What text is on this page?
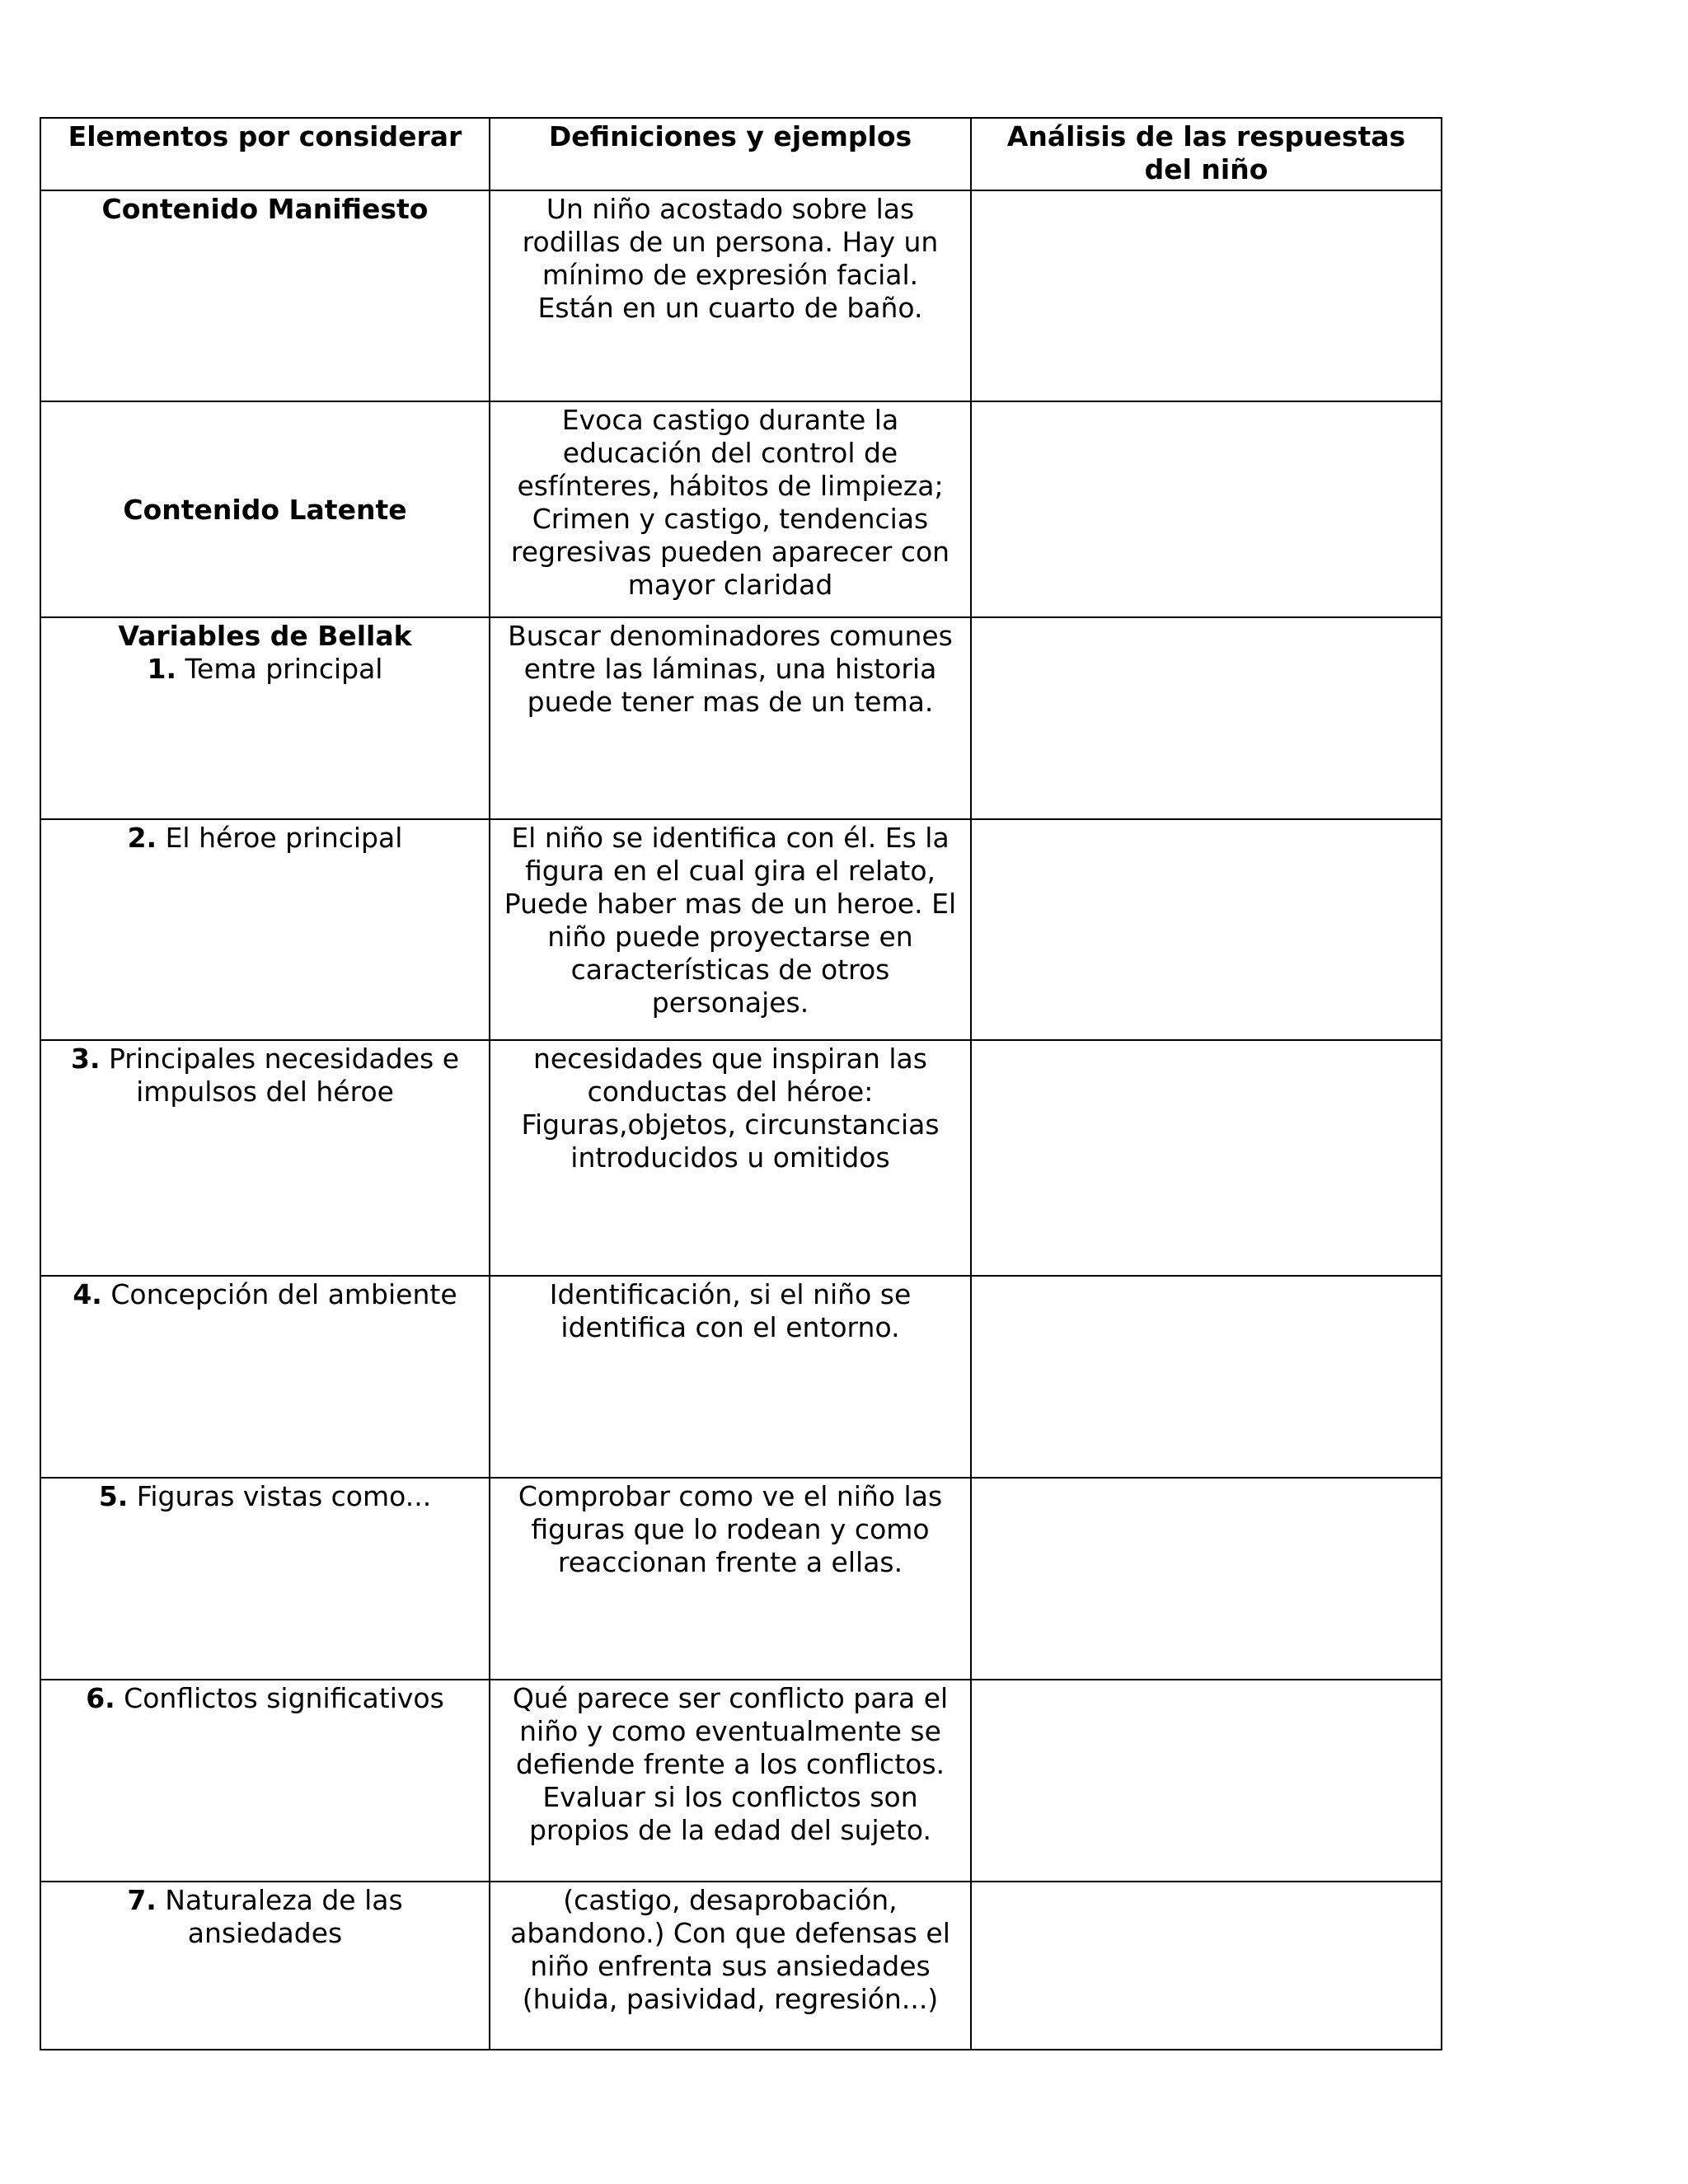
Elementos por considerar	Definiciones y ejemplos	Análisis de las respuestas del niño
Contenido Manifiesto	Un niño acostado sobre las rodillas de un persona. Hay un mínimo de expresión facial. Están en un cuarto de baño.	
Contenido Latente	Evoca castigo durante la educación del control de esfínteres, hábitos de limpieza; Crimen y castigo, tendencias regresivas pueden aparecer con mayor claridad	
Variables de Bellak
1. Tema principal	Buscar denominadores comunes entre las láminas, una historia puede tener mas de un tema.	
2. El héroe principal	El niño se identifica con él. Es la figura en el cual gira el relato, Puede haber mas de un heroe. El niño puede proyectarse en características de otros personajes.	
3. Principales necesidades e impulsos del héroe	necesidades que inspiran las conductas del héroe: Figuras,objetos, circunstancias introducidos u omitidos	
4. Concepción del ambiente	Identificación, si el niño se identifica con el entorno.	
5. Figuras vistas como...	Comprobar como ve el niño las figuras que lo rodean y como reaccionan frente a ellas.	
6. Conflictos significativos	Qué parece ser conflicto para el niño y como eventualmente se defiende frente a los conflictos. Evaluar si los conflictos son propios de la edad del sujeto.	
7. Naturaleza de las ansiedades	(castigo, desaprobación, abandono.) Con que defensas el niño enfrenta sus ansiedades (huida, pasividad, regresión...)	
